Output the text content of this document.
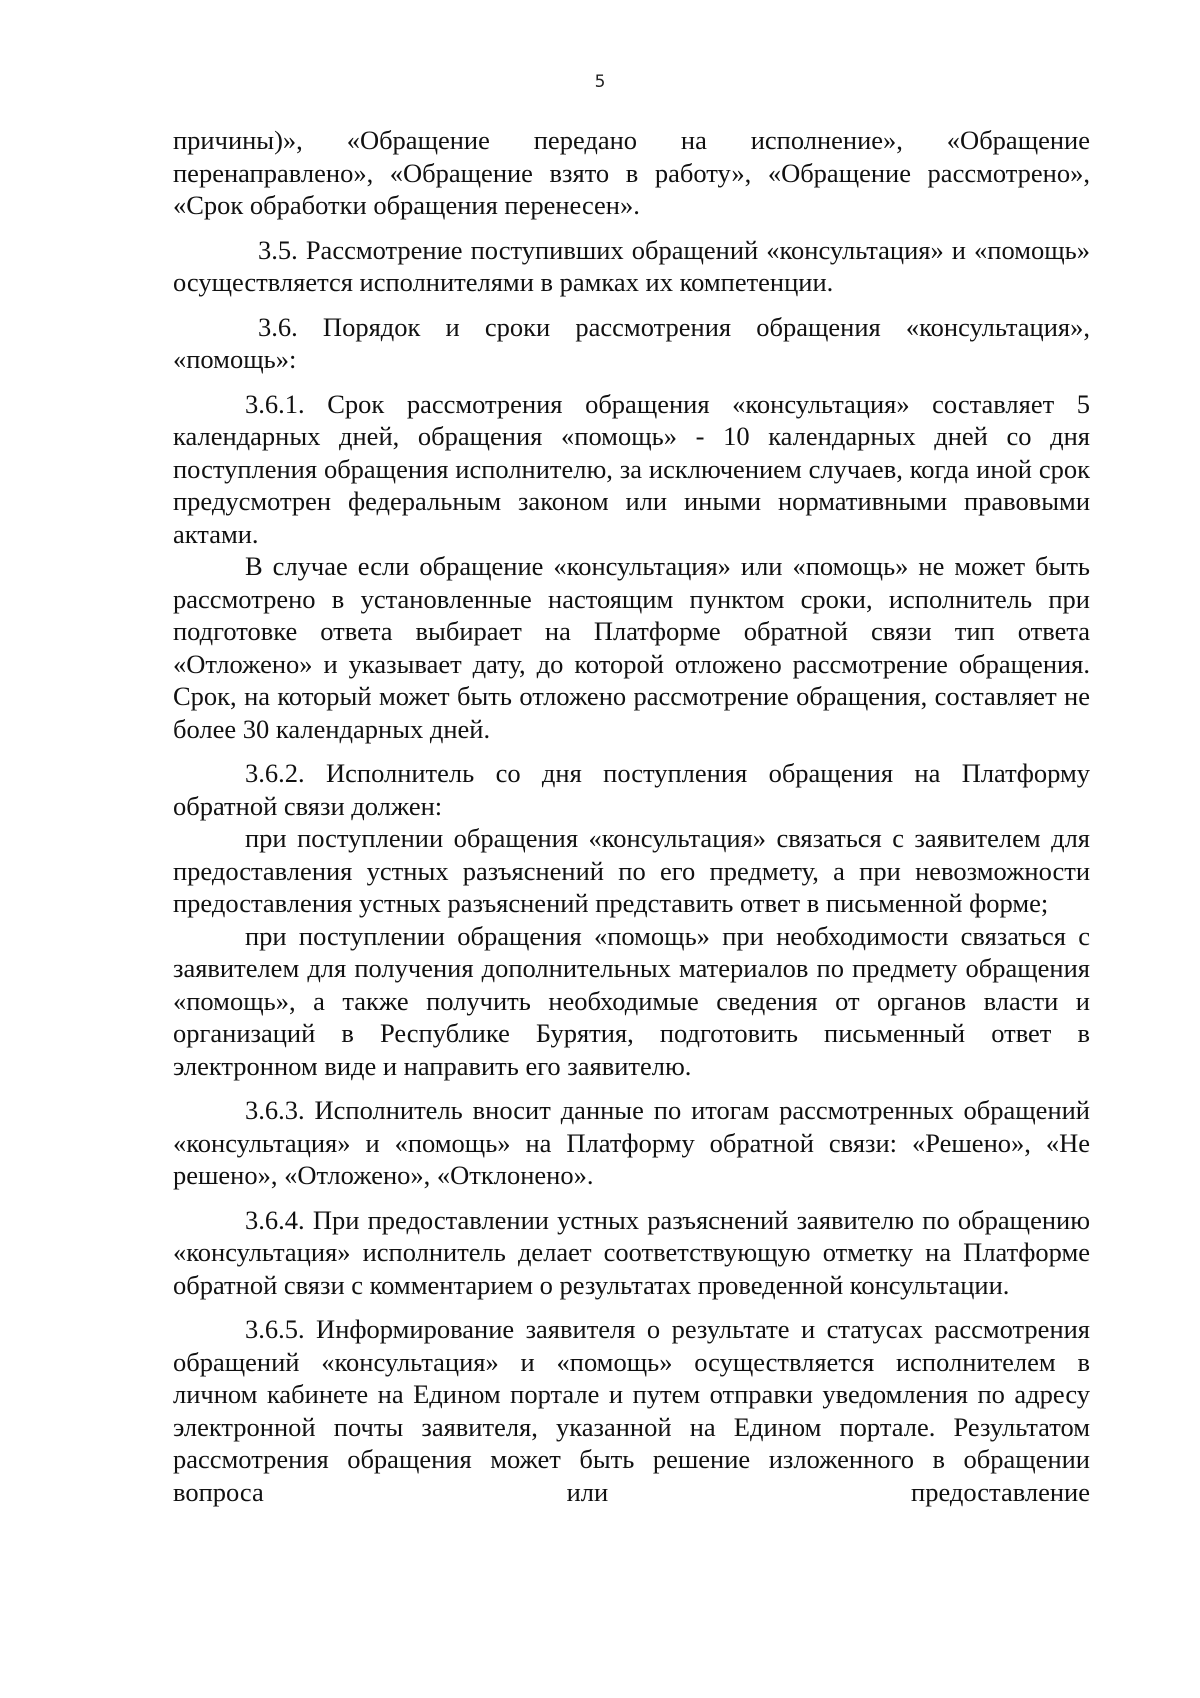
5

причины)», «Обращение передано на исполнение», «Обращение перенаправлено», «Обращение взято в работу», «Обращение рассмотрено», «Срок обработки обращения перенесен».

3.5. Рассмотрение поступивших обращений «консультация» и «помощь» осуществляется исполнителями в рамках их компетенции.

3.6. Порядок и сроки рассмотрения обращения «консультация», «помощь»:

3.6.1. Срок рассмотрения обращения «консультация» составляет 5 календарных дней, обращения «помощь» - 10 календарных дней со дня поступления обращения исполнителю, за исключением случаев, когда иной срок предусмотрен федеральным законом или иными нормативными правовыми актами.

В случае если обращение «консультация» или «помощь» не может быть рассмотрено в установленные настоящим пунктом сроки, исполнитель при подготовке ответа выбирает на Платформе обратной связи тип ответа «Отложено» и указывает дату, до которой отложено рассмотрение обращения. Срок, на который может быть отложено рассмотрение обращения, составляет не более 30 календарных дней.

3.6.2. Исполнитель со дня поступления обращения на Платформу обратной связи должен:

при поступлении обращения «консультация» связаться с заявителем для предоставления устных разъяснений по его предмету, а при невозможности предоставления устных разъяснений представить ответ в письменной форме;

при поступлении обращения «помощь» при необходимости связаться с заявителем для получения дополнительных материалов по предмету обращения «помощь», а также получить необходимые сведения от органов власти и организаций в Республике Бурятия, подготовить письменный ответ в электронном виде и направить его заявителю.

3.6.3. Исполнитель вносит данные по итогам рассмотренных обращений «консультация» и «помощь» на Платформу обратной связи: «Решено», «Не решено», «Отложено», «Отклонено».

3.6.4. При предоставлении устных разъяснений заявителю по обращению «консультация» исполнитель делает соответствующую отметку на Платформе обратной связи с комментарием о результатах проведенной консультации.

3.6.5. Информирование заявителя о результате и статусах рассмотрения обращений «консультация» и «помощь» осуществляется исполнителем в личном кабинете на Едином портале и путем отправки уведомления по адресу электронной почты заявителя, указанной на Едином портале. Результатом рассмотрения обращения может быть решение изложенного в обращении вопроса или предоставление
